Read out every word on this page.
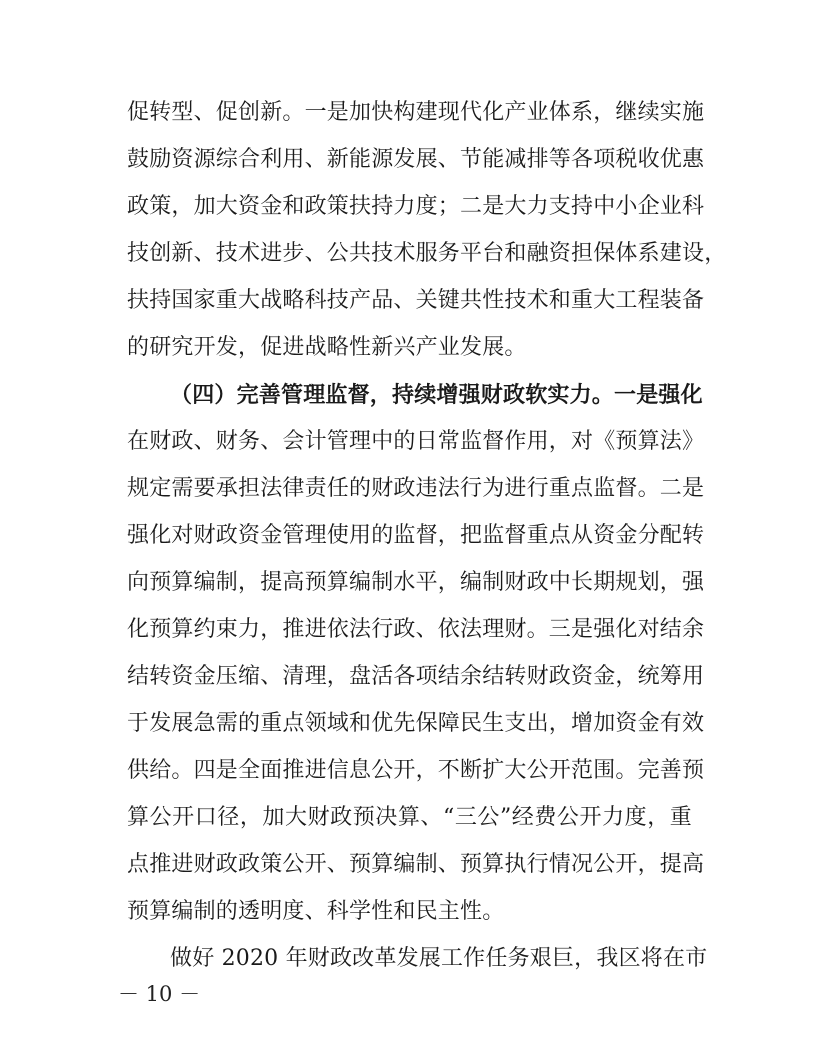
促转型、促创新。一是加快构建现代化产业体系，继续实施
鼓励资源综合利用、新能源发展、节能减排等各项税收优惠
政策，加大资金和政策扶持力度；二是大力支持中小企业科
技创新、技术进步、公共技术服务平台和融资担保体系建设，
扶持国家重大战略科技产品、关键共性技术和重大工程装备
的研究开发，促进战略性新兴产业发展。
（四）完善管理监督，持续增强财政软实力。一是强化
在财政、财务、会计管理中的日常监督作用，对《预算法》
规定需要承担法律责任的财政违法行为进行重点监督。二是
强化对财政资金管理使用的监督，把监督重点从资金分配转
向预算编制，提高预算编制水平，编制财政中长期规划，强
化预算约束力，推进依法行政、依法理财。三是强化对结余
结转资金压缩、清理，盘活各项结余结转财政资金，统筹用
于发展急需的重点领域和优先保障民生支出，增加资金有效
供给。四是全面推进信息公开，不断扩大公开范围。完善预
算公开口径，加大财政预决算、“三公”经费公开力度，重
点推进财政政策公开、预算编制、预算执行情况公开，提高
预算编制的透明度、科学性和民主性。
做好 2020 年财政改革发展工作任务艰巨，我区将在市
－ 10 －
